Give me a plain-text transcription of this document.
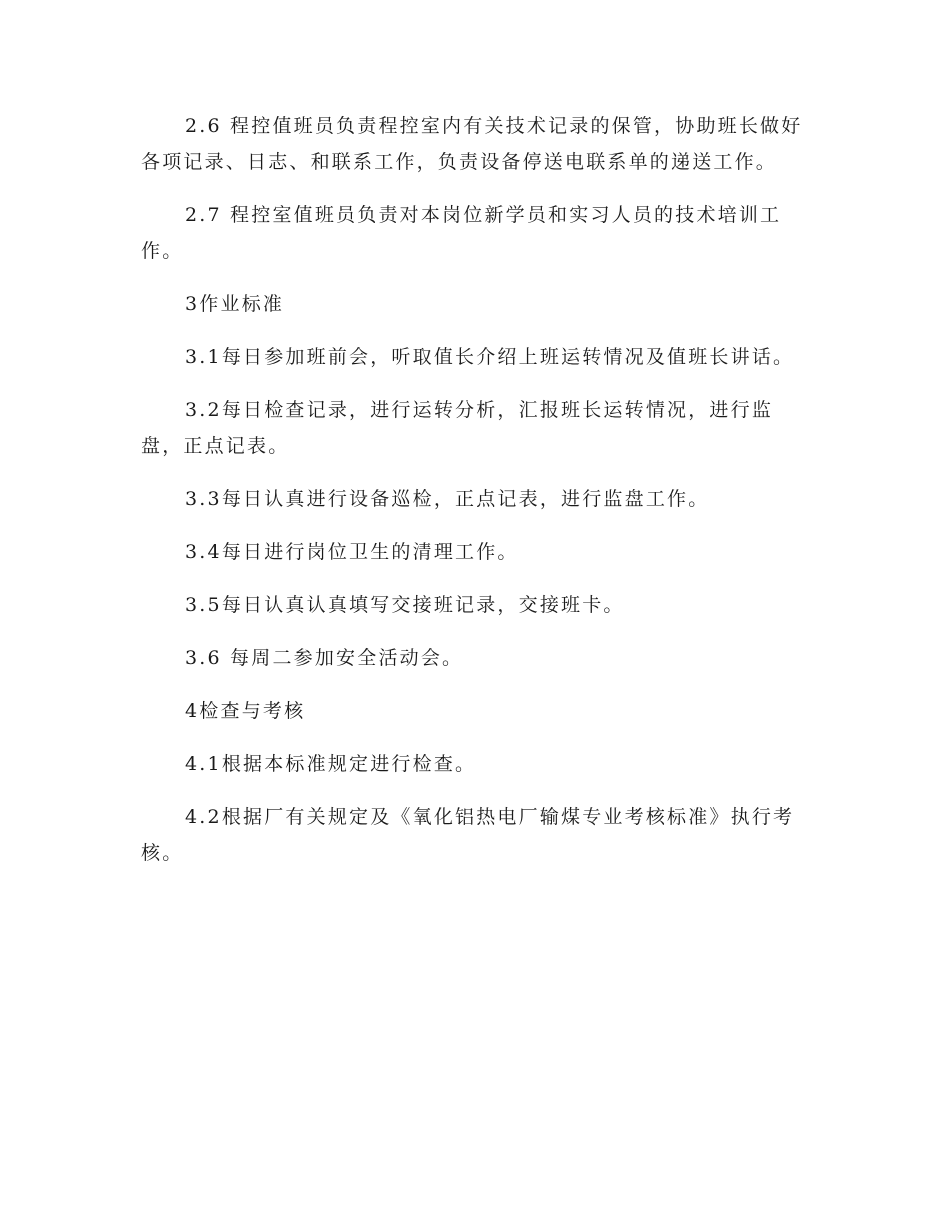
2.6 程控值班员负责程控室内有关技术记录的保管，协助班长做好各项记录、日志、和联系工作，负责设备停送电联系单的递送工作。

2.7 程控室值班员负责对本岗位新学员和实习人员的技术培训工作。

3作业标准

3.1每日参加班前会，听取值长介绍上班运转情况及值班长讲话。

3.2每日检查记录，进行运转分析，汇报班长运转情况，进行监盘，正点记表。

3.3每日认真进行设备巡检，正点记表，进行监盘工作。

3.4每日进行岗位卫生的清理工作。

3.5每日认真认真填写交接班记录，交接班卡。

3.6 每周二参加安全活动会。

4检查与考核

4.1根据本标准规定进行检查。

4.2根据厂有关规定及《氧化铝热电厂输煤专业考核标准》执行考核。
